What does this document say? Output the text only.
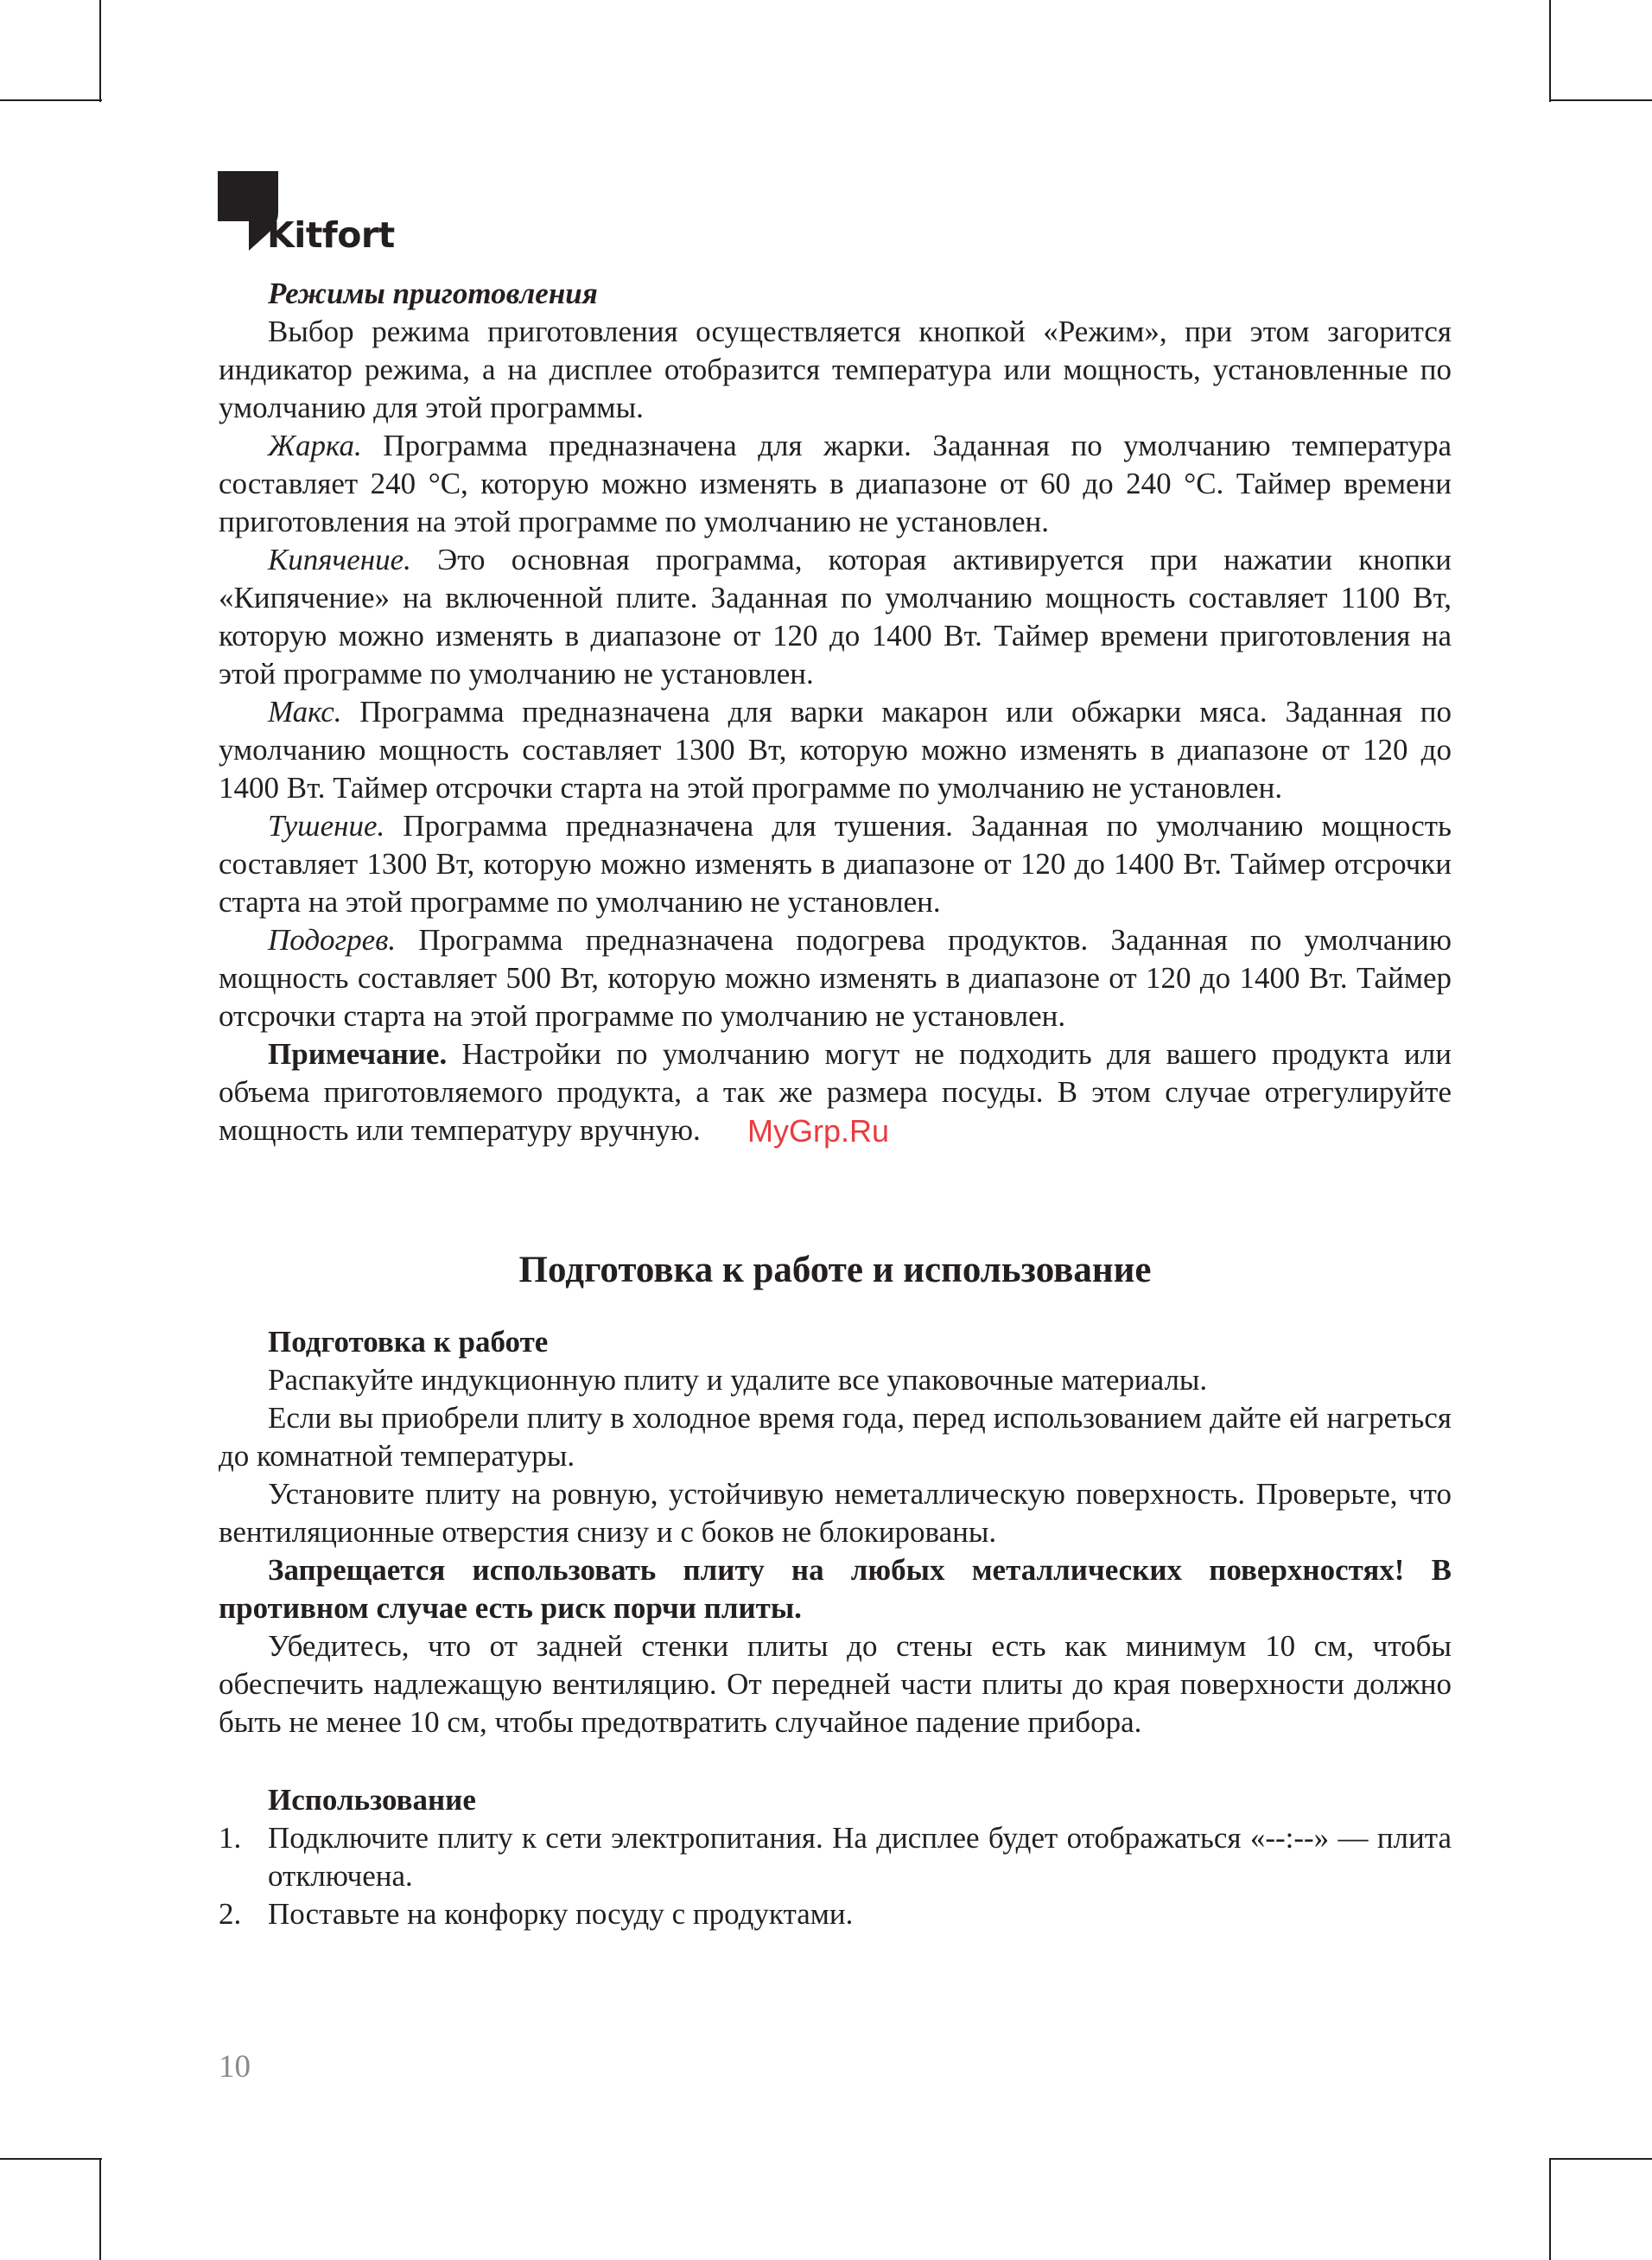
Kitfort
Режимы приготовления

Выбор режима приготовления осуществляется кнопкой «Режим», при этом загорится индикатор режима, а на дисплее отобразится температура или мощность, установленные по умолчанию для этой программы.

Жарка. Программа предназначена для жарки. Заданная по умолчанию температура составляет 240 °С, которую можно изменять в диапазоне от 60 до 240 °С. Таймер времени приготовления на этой программе по умолчанию не установлен.

Кипячение. Это основная программа, которая активируется при нажатии кнопки «Кипячение» на включенной плите. Заданная по умолчанию мощность составляет 1100 Вт, которую можно изменять в диапазоне от 120 до 1400 Вт. Таймер времени приготовления на этой программе по умолчанию не установлен.

Макс. Программа предназначена для варки макарон или обжарки мяса. Заданная по умолчанию мощность составляет 1300 Вт, которую можно изменять в диапазоне от 120 до 1400 Вт. Таймер отсрочки старта на этой программе по умолчанию не установлен.

Тушение. Программа предназначена для тушения. Заданная по умолчанию мощность составляет 1300 Вт, которую можно изменять в диапазоне от 120 до 1400 Вт. Таймер отсрочки старта на этой программе по умолчанию не установлен.

Подогрев. Программа предназначена подогрева продуктов. Заданная по умолчанию мощность составляет 500 Вт, которую можно изменять в диапазоне от 120 до 1400 Вт. Таймер отсрочки старта на этой программе по умолчанию не установлен.

Примечание. Настройки по умолчанию могут не подходить для вашего продукта или объема приготовляемого продукта, а так же размера посуды. В этом случае отрегулируйте мощность или температуру вручную.

Подготовка к работе и использование
Подготовка к работе

Распакуйте индукционную плиту и удалите все упаковочные материалы.

Если вы приобрели плиту в холодное время года, перед использованием дайте ей нагреться до комнатной температуры.

Установите плиту на ровную, устойчивую неметаллическую поверхность. Проверьте, что вентиляционные отверстия снизу и с боков не блокированы.

Запрещается использовать плиту на любых металлических поверхностях! В противном случае есть риск порчи плиты.

Убедитесь, что от задней стенки плиты до стены есть как минимум 10 см, чтобы обеспечить надлежащую вентиляцию. От передней части плиты до края поверхности должно быть не менее 10 см, чтобы предотвратить случайное падение прибора.

Использование
1. Подключите плиту к сети электропитания. На дисплее будет отображаться «--:--» — плита отключена.
2. Поставьте на конфорку посуду с продуктами.
MyGrp.Ru
10
